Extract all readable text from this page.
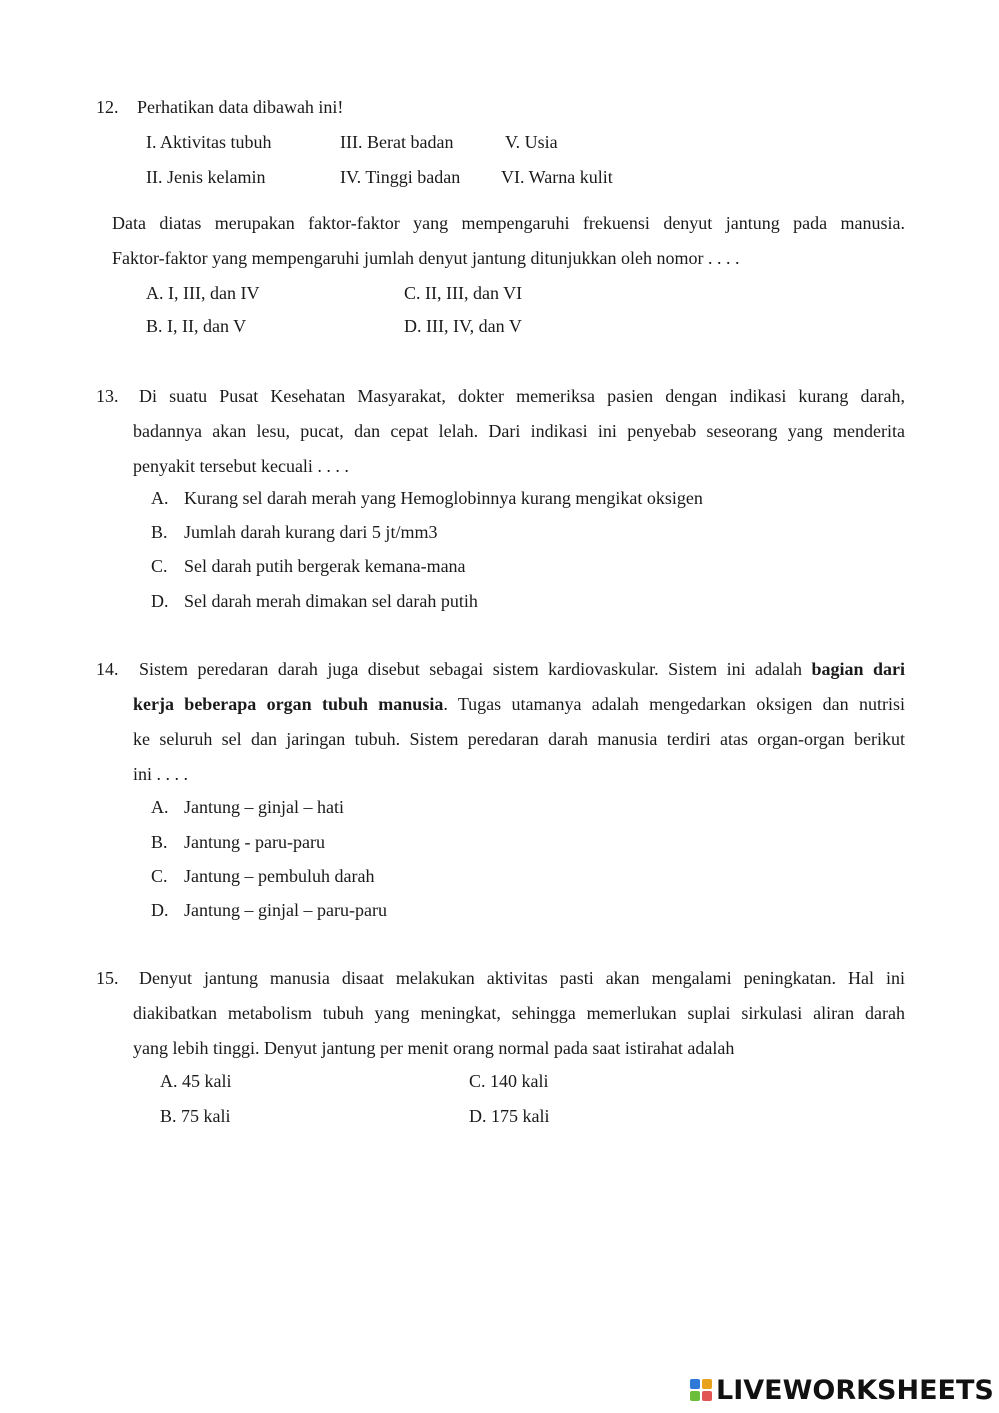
12. Perhatikan data dibawah ini!
I. Aktivitas tubuh	III. Berat badan	V. Usia
II. Jenis kelamin	IV. Tinggi badan VI. Warna kulit
Data diatas merupakan faktor-faktor yang mempengaruhi frekuensi denyut jantung pada manusia.
Faktor-faktor yang mempengaruhi jumlah denyut jantung ditunjukkan oleh nomor . . . .
A. I, III, dan IV	C. II, III, dan VI
B. I, II, dan V	D. III, IV, dan V
13. Di suatu Pusat Kesehatan Masyarakat, dokter memeriksa pasien dengan indikasi kurang darah,
badannya akan lesu, pucat, dan cepat lelah. Dari indikasi ini penyebab seseorang yang menderita
penyakit tersebut kecuali . . . .
A. Kurang sel darah merah yang Hemoglobinnya kurang mengikat oksigen
B. Jumlah darah kurang dari 5 jt/mm3
C. Sel darah putih bergerak kemana-mana
D. Sel darah merah dimakan sel darah putih
14. Sistem peredaran darah juga disebut sebagai sistem kardiovaskular. Sistem ini adalah bagian dari
kerja beberapa organ tubuh manusia. Tugas utamanya adalah mengedarkan oksigen dan nutrisi
ke seluruh sel dan jaringan tubuh. Sistem peredaran darah manusia terdiri atas organ-organ berikut
ini . . . .
A. Jantung – ginjal – hati
B. Jantung - paru-paru
C. Jantung – pembuluh darah
D. Jantung – ginjal – paru-paru
15. Denyut jantung manusia disaat melakukan aktivitas pasti akan mengalami peningkatan. Hal ini
diakibatkan metabolism tubuh yang meningkat, sehingga memerlukan suplai sirkulasi aliran darah
yang lebih tinggi. Denyut jantung per menit orang normal pada saat istirahat adalah
A. 45 kali	C. 140 kali
B. 75 kali	D. 175 kali
LIVEWORKSHEETS
